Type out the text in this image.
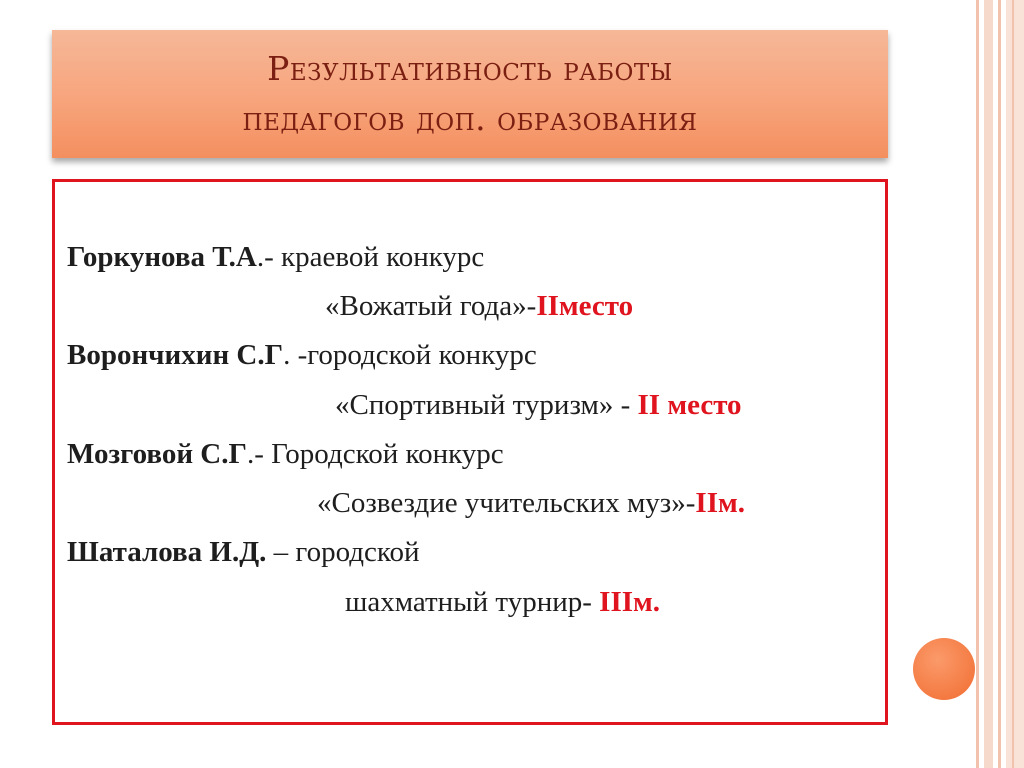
Результативность работы
педагогов доп. образования
Горкунова Т.А.- краевой конкурс
«Вожатый года»-IIместо
Ворончихин С.Г. -городской конкурс
«Спортивный туризм» - II место
Мозговой С.Г.- Городской конкурс
«Созвездие учительских муз»-IIм.
Шаталова И.Д. – городской
шахматный турнир- IIIм.
